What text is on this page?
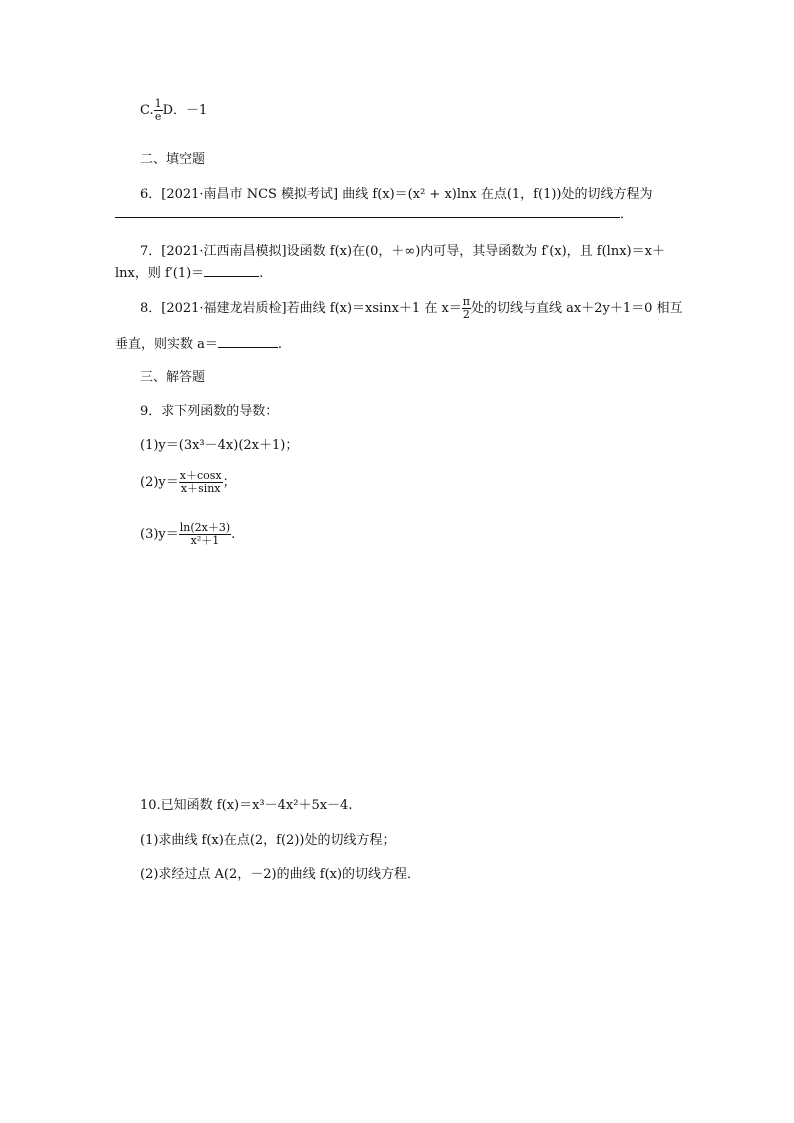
C. $\frac{1}{e}$ D．－1
二、填空题
6．[2021·南昌市 NCS 模拟考试] 曲线 f(x)＝(x² + x)lnx 在点(1，f(1))处的切线方程为
．
7．[2021·江西南昌模拟]设函数 f(x)在(0，＋∞)内可导，其导函数为 f′(x)，且 f(lnx)＝x＋
lnx，则 f′(1)＝	.
8．[2021·福建龙岩质检]若曲线 f(x)＝xsinx＋1 在 $x= \frac{\pi}{2}$ 处的切线与直线 ax＋2y＋1＝0 相互
垂直，则实数 a＝	.
三、解答题
9．求下列函数的导数：
(1)y＝(3x³－4x)(2x＋1)；
$(2)y= \frac{x+\cos x}{x+\sin x}$ ；
$(3)y= \frac{\ln(2x+3)}{\text{x²＋1}}$ .
10.已知函数 f(x)＝x³－4x²＋5x－4.
(1)求曲线 f(x)在点(2，f(2))处的切线方程；
(2)求经过点 A(2，－2)的曲线 f(x)的切线方程．
